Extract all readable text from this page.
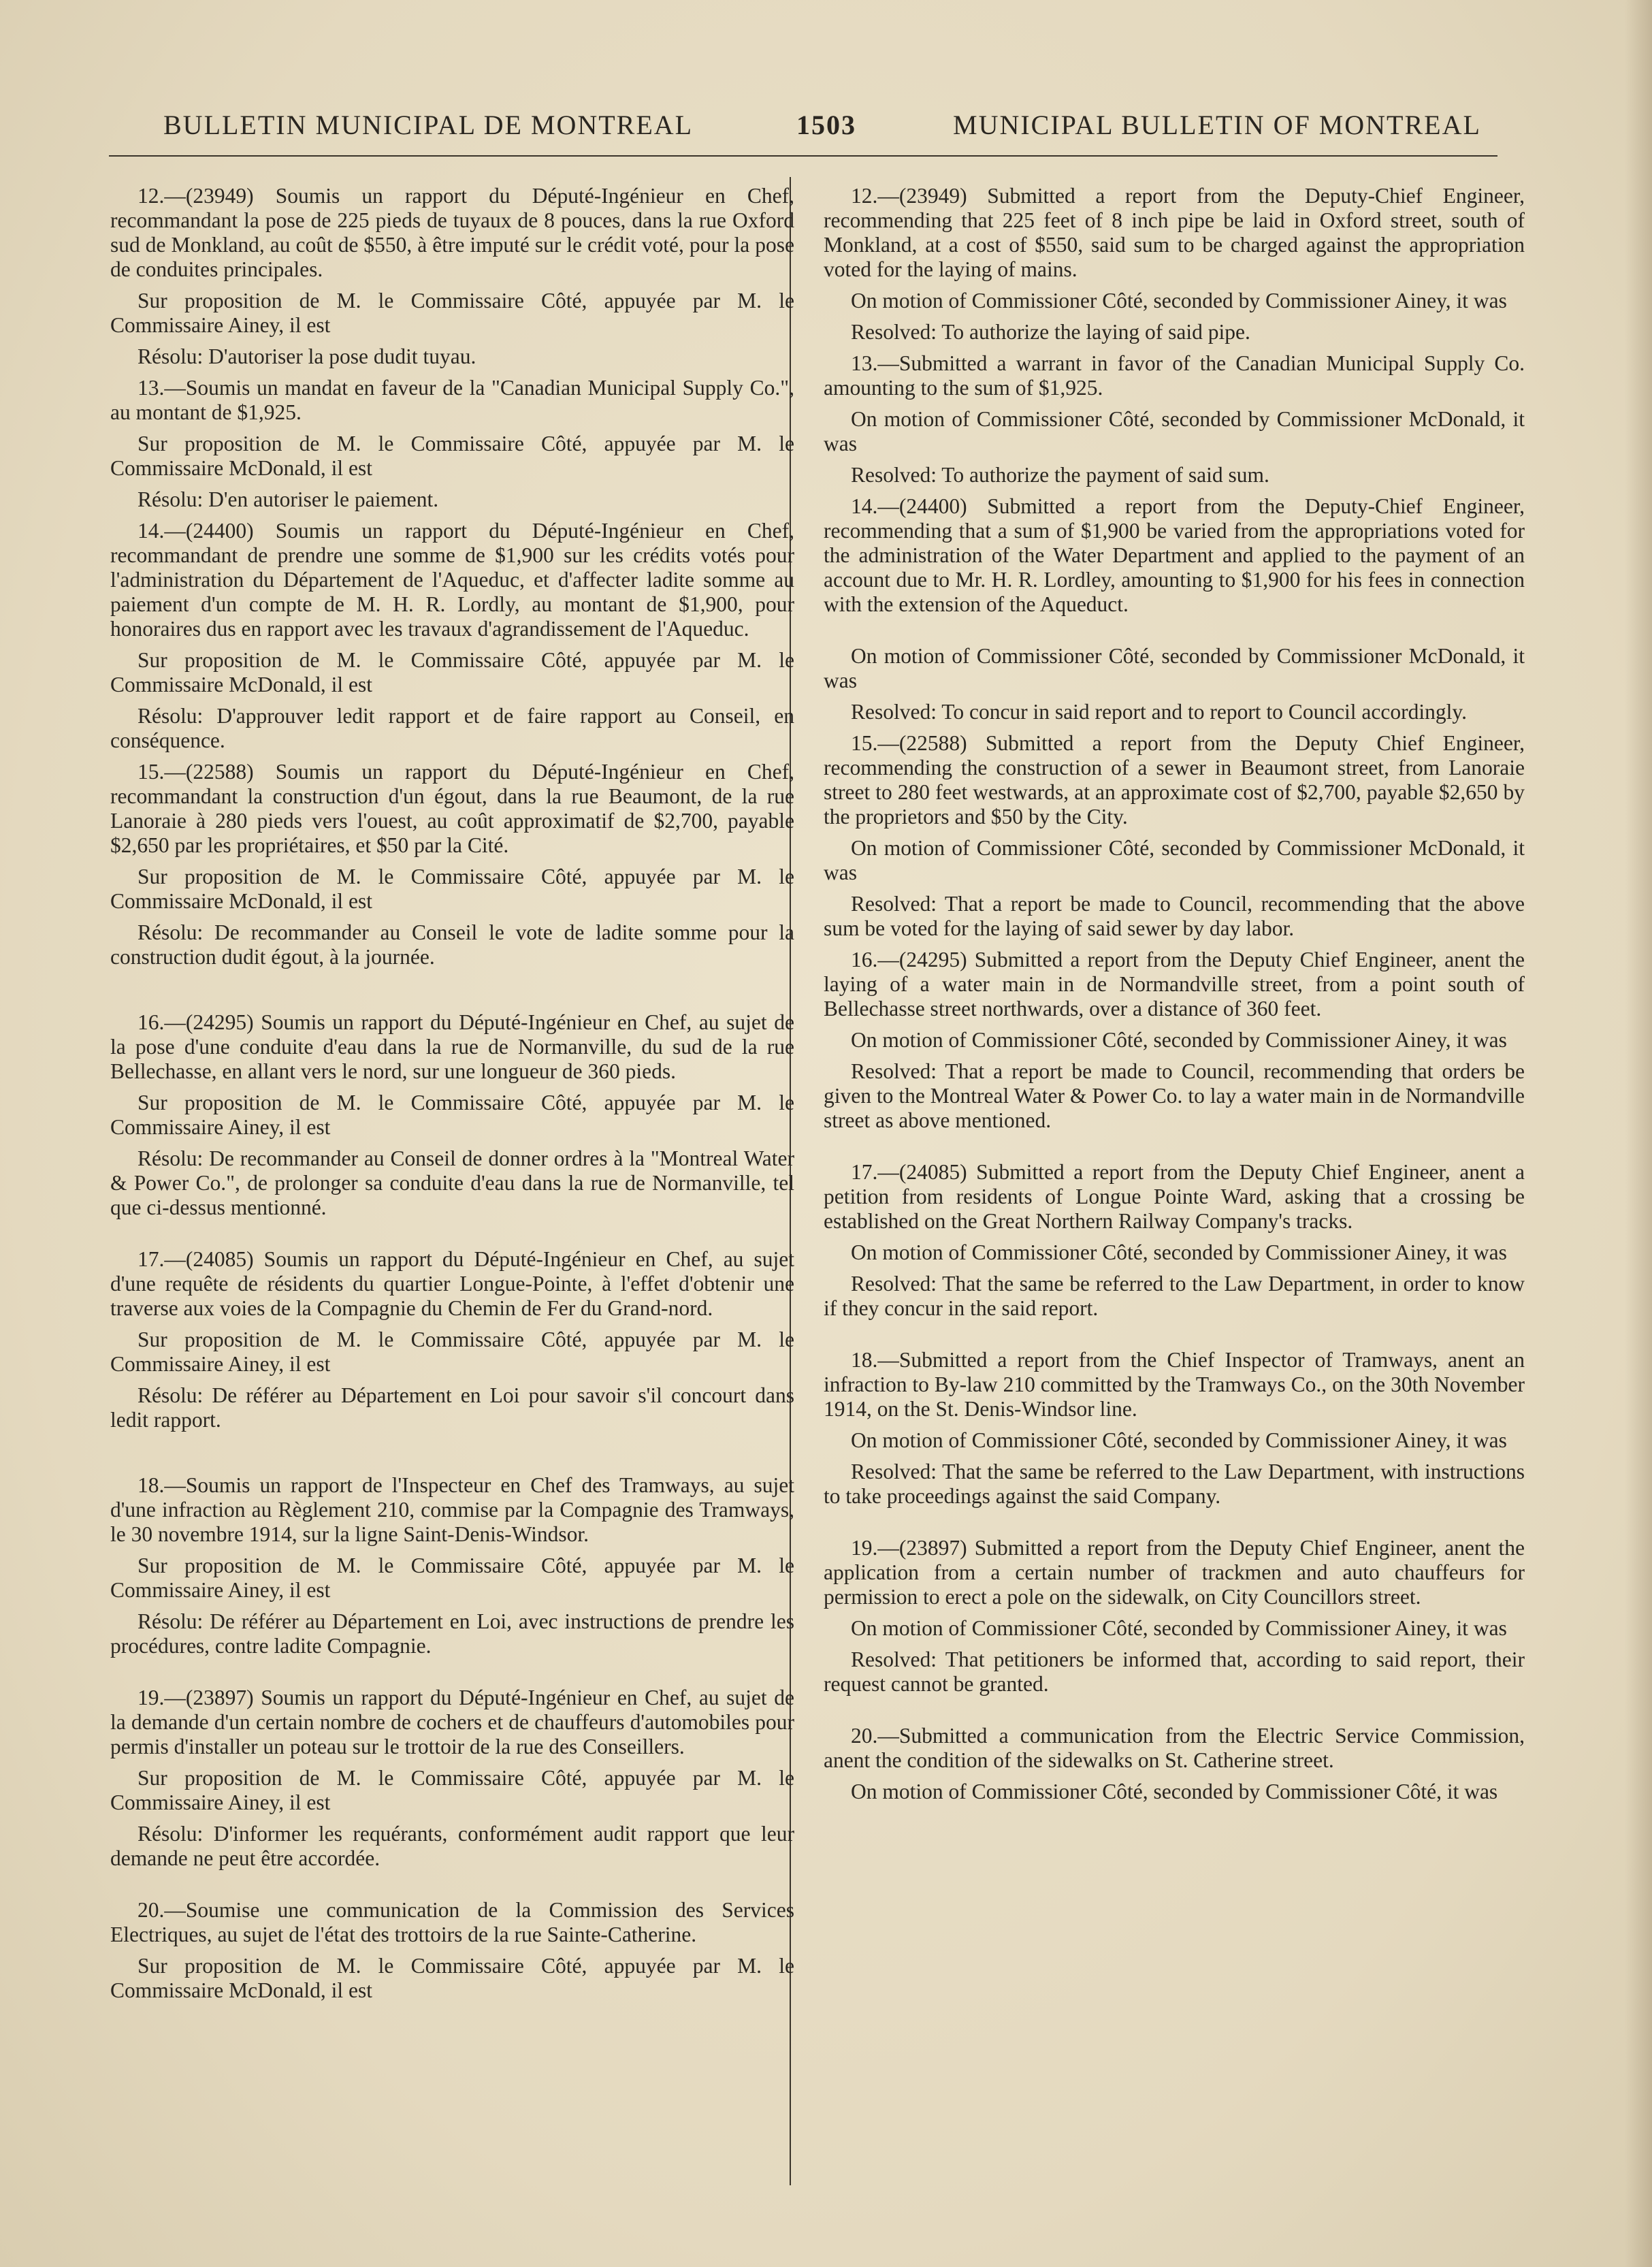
BULLETIN MUNICIPAL DE MONTREAL	1503	MUNICIPAL BULLETIN OF MONTREAL

12.—(23949) Soumis un rapport du Député-Ingénieur en Chef, recommandant la pose de 225 pieds de tuyaux de 8 pouces, dans la rue Oxford sud de Monkland, au coût de $550, à être imputé sur le crédit voté, pour la pose de conduites principales.

Sur proposition de M. le Commissaire Côté, appuyée par M. le Commissaire Ainey, il est

Résolu: D'autoriser la pose dudit tuyau.

13.—Soumis un mandat en faveur de la "Canadian Municipal Supply Co.", au montant de $1,925.

Sur proposition de M. le Commissaire Côté, appuyée par M. le Commissaire McDonald, il est

Résolu: D'en autoriser le paiement.

14.—(24400) Soumis un rapport du Député-Ingénieur en Chef, recommandant de prendre une somme de $1,900 sur les crédits votés pour l'administration du Département de l'Aqueduc, et d'affecter ladite somme au paiement d'un compte de M. H. R. Lordly, au montant de $1,900, pour honoraires dus en rapport avec les travaux d'agrandissement de l'Aqueduc.

Sur proposition de M. le Commissaire Côté, appuyée par M. le Commissaire McDonald, il est

Résolu: D'approuver ledit rapport et de faire rapport au Conseil, en conséquence.

15.—(22588) Soumis un rapport du Député-Ingénieur en Chef, recommandant la construction d'un égout, dans la rue Beaumont, de la rue Lanoraie à 280 pieds vers l'ouest, au coût approximatif de $2,700, payable $2,650 par les propriétaires, et $50 par la Cité.

Sur proposition de M. le Commissaire Côté, appuyée par M. le Commissaire McDonald, il est

Résolu: De recommander au Conseil le vote de ladite somme pour la construction dudit égout, à la journée.

16.—(24295) Soumis un rapport du Député-Ingénieur en Chef, au sujet de la pose d'une conduite d'eau dans la rue de Normanville, du sud de la rue Bellechasse, en allant vers le nord, sur une longueur de 360 pieds.

Sur proposition de M. le Commissaire Côté, appuyée par M. le Commissaire Ainey, il est

Résolu: De recommander au Conseil de donner ordres à la "Montreal Water & Power Co.", de prolonger sa conduite d'eau dans la rue de Normanville, tel que ci-dessus mentionné.

17.—(24085) Soumis un rapport du Député-Ingénieur en Chef, au sujet d'une requête de résidents du quartier Longue-Pointe, à l'effet d'obtenir une traverse aux voies de la Compagnie du Chemin de Fer du Grand-nord.

Sur proposition de M. le Commissaire Côté, appuyée par M. le Commissaire Ainey, il est

Résolu: De référer au Département en Loi pour savoir s'il concourt dans ledit rapport.

18.—Soumis un rapport de l'Inspecteur en Chef des Tramways, au sujet d'une infraction au Règlement 210, commise par la Compagnie des Tramways, le 30 novembre 1914, sur la ligne Saint-Denis-Windsor.

Sur proposition de M. le Commissaire Côté, appuyée par M. le Commissaire Ainey, il est

Résolu: De référer au Département en Loi, avec instructions de prendre les procédures, contre ladite Compagnie.

19.—(23897) Soumis un rapport du Député-Ingénieur en Chef, au sujet de la demande d'un certain nombre de cochers et de chauffeurs d'automobiles pour permis d'installer un poteau sur le trottoir de la rue des Conseillers.

Sur proposition de M. le Commissaire Côté, appuyée par M. le Commissaire Ainey, il est

Résolu: D'informer les requérants, conformément audit rapport que leur demande ne peut être accordée.

20.—Soumise une communication de la Commission des Services Electriques, au sujet de l'état des trottoirs de la rue Sainte-Catherine.

Sur proposition de M. le Commissaire Côté, appuyée par M. le Commissaire McDonald, il est

12.—(23949) Submitted a report from the Deputy-Chief Engineer, recommending that 225 feet of 8 inch pipe be laid in Oxford street, south of Monkland, at a cost of $550, said sum to be charged against the appropriation voted for the laying of mains.

On motion of Commissioner Côté, seconded by Commissioner Ainey, it was

Resolved: To authorize the laying of said pipe.

13.—Submitted a warrant in favor of the Canadian Municipal Supply Co. amounting to the sum of $1,925.

On motion of Commissioner Côté, seconded by Commissioner McDonald, it was

Resolved: To authorize the payment of said sum.

14.—(24400) Submitted a report from the Deputy-Chief Engineer, recommending that a sum of $1,900 be varied from the appropriations voted for the administration of the Water Department and applied to the payment of an account due to Mr. H. R. Lordley, amounting to $1,900 for his fees in connection with the extension of the Aqueduct.

On motion of Commissioner Côté, seconded by Commissioner McDonald, it was

Resolved: To concur in said report and to report to Council accordingly.

15.—(22588) Submitted a report from the Deputy Chief Engineer, recommending the construction of a sewer in Beaumont street, from Lanoraie street to 280 feet westwards, at an approximate cost of $2,700, payable $2,650 by the proprietors and $50 by the City.

On motion of Commissioner Côté, seconded by Commissioner McDonald, it was

Resolved: That a report be made to Council, recommending that the above sum be voted for the laying of said sewer by day labor.

16.—(24295) Submitted a report from the Deputy Chief Engineer, anent the laying of a water main in de Normandville street, from a point south of Bellechasse street northwards, over a distance of 360 feet.

On motion of Commissioner Côté, seconded by Commissioner Ainey, it was

Resolved: That a report be made to Council, recommending that orders be given to the Montreal Water & Power Co. to lay a water main in de Normandville street as above mentioned.

17.—(24085) Submitted a report from the Deputy Chief Engineer, anent a petition from residents of Longue Pointe Ward, asking that a crossing be established on the Great Northern Railway Company's tracks.

On motion of Commissioner Côté, seconded by Commissioner Ainey, it was

Resolved: That the same be referred to the Law Department, in order to know if they concur in the said report.

18.—Submitted a report from the Chief Inspector of Tramways, anent an infraction to By-law 210 committed by the Tramways Co., on the 30th November 1914, on the St. Denis-Windsor line.

On motion of Commissioner Côté, seconded by Commissioner Ainey, it was

Resolved: That the same be referred to the Law Department, with instructions to take proceedings against the said Company.

19.—(23897) Submitted a report from the Deputy Chief Engineer, anent the application from a certain number of trackmen and auto chauffeurs for permission to erect a pole on the sidewalk, on City Councillors street.

On motion of Commissioner Côté, seconded by Commissioner Ainey, it was

Resolved: That petitioners be informed that, according to said report, their request cannot be granted.

20.—Submitted a communication from the Electric Service Commission, anent the condition of the sidewalks on St. Catherine street.

On motion of Commissioner Côté, seconded by Commissioner Côté, it was
